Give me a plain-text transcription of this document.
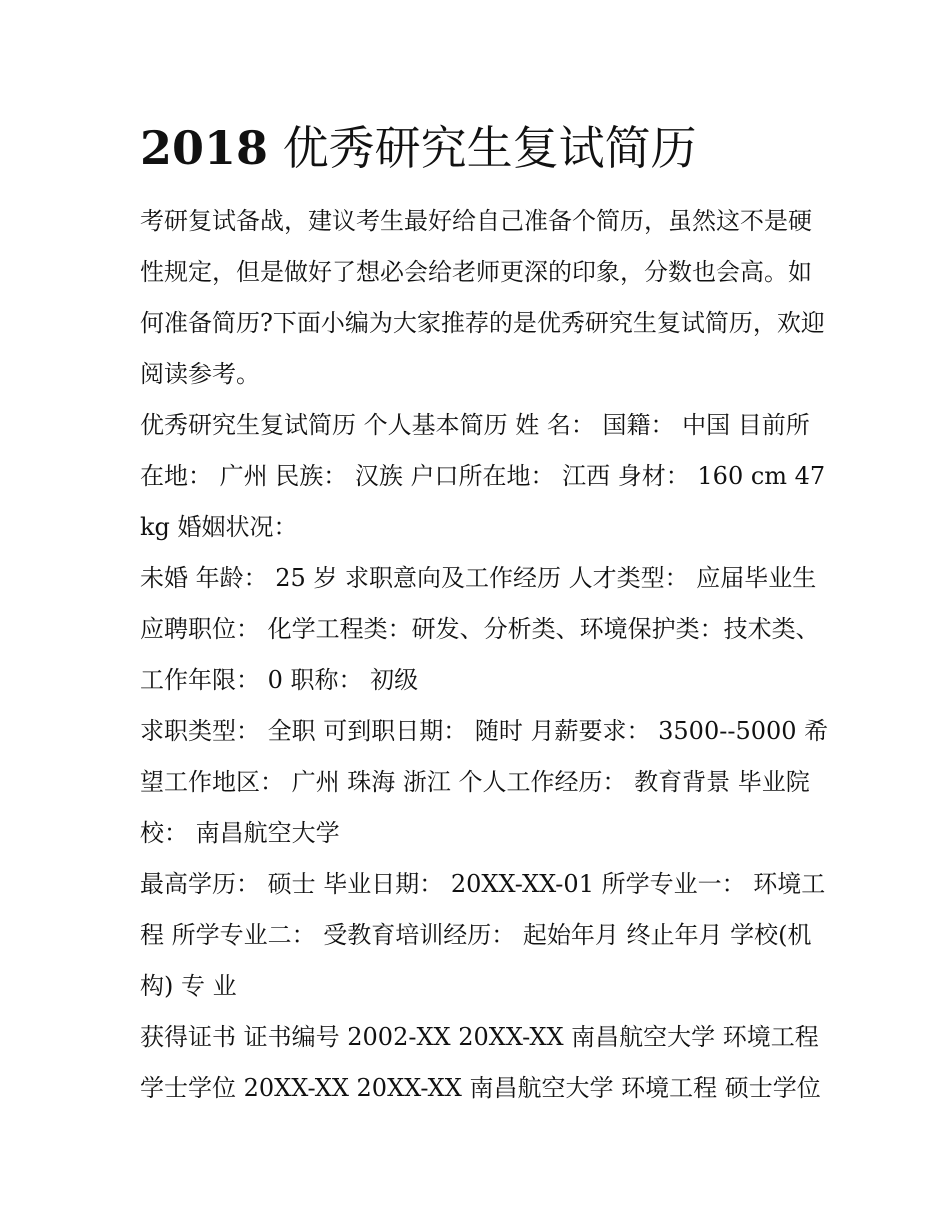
2018 优秀研究生复试简历

考研复试备战，建议考生最好给自己准备个简历，虽然这不是硬性规定，但是做好了想必会给老师更深的印象，分数也会高。如何准备简历?下面小编为大家推荐的是优秀研究生复试简历，欢迎阅读参考。

优秀研究生复试简历 个人基本简历 姓 名： 国籍： 中国 目前所在地： 广州 民族： 汉族 户口所在地： 江西 身材： 160 cm 47 kg 婚姻状况：

未婚 年龄： 25 岁 求职意向及工作经历 人才类型： 应届毕业生 应聘职位： 化学工程类：研发、分析类、环境保护类：技术类、 工作年限： 0 职称： 初级

求职类型： 全职 可到职日期： 随时 月薪要求： 3500--5000 希望工作地区： 广州 珠海 浙江 个人工作经历： 教育背景 毕业院校： 南昌航空大学

最高学历： 硕士 毕业日期： 20XX-XX-01 所学专业一： 环境工程 所学专业二： 受教育培训经历： 起始年月 终止年月 学校(机构) 专 业

获得证书 证书编号 2002-XX 20XX-XX 南昌航空大学 环境工程 学士学位 20XX-XX 20XX-XX 南昌航空大学 环境工程 硕士学位
